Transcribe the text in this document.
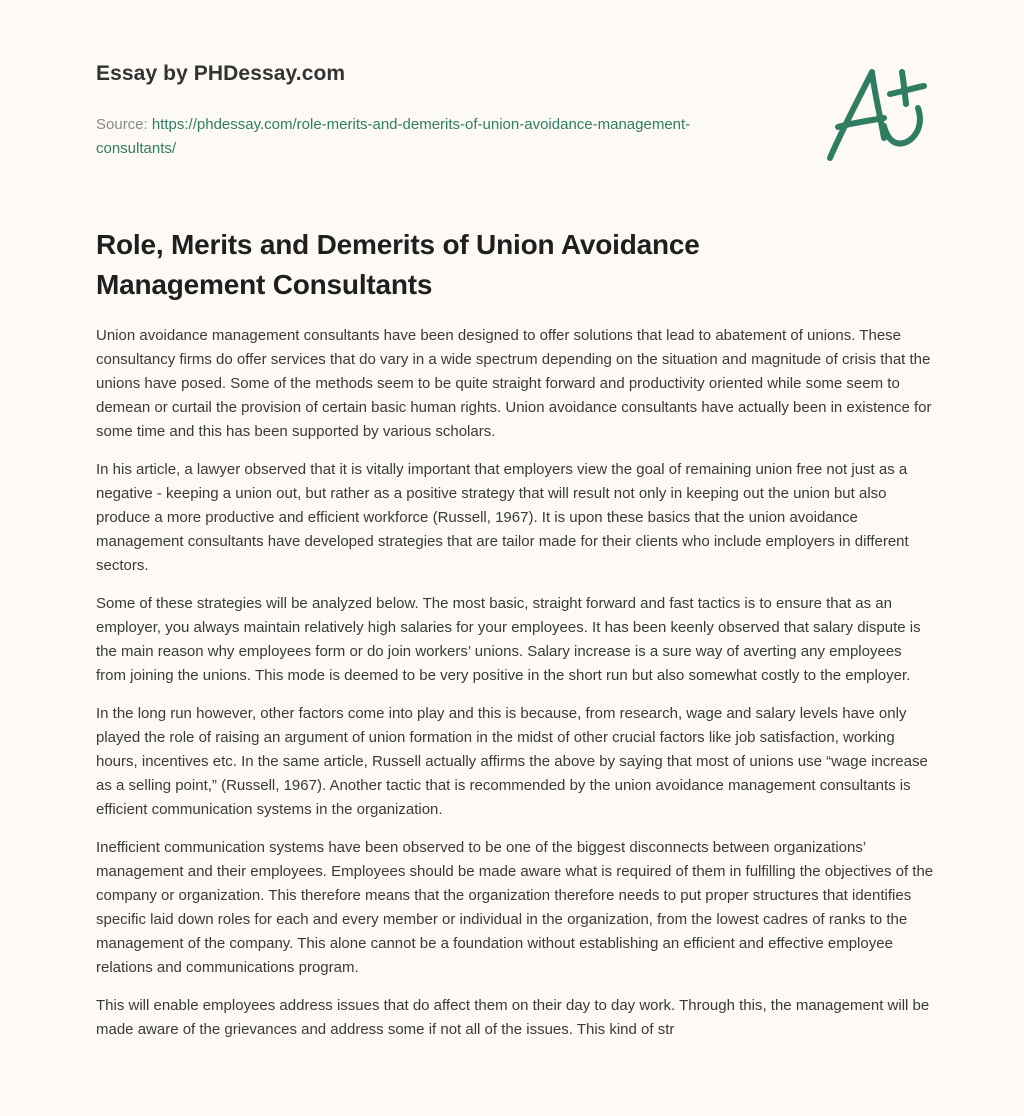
Essay by PHDessay.com
Source: https://phdessay.com/role-merits-and-demerits-of-union-avoidance-management-consultants/
Role, Merits and Demerits of Union Avoidance Management Consultants

Union avoidance management consultants have been designed to offer solutions that lead to abatement of unions. These consultancy firms do offer services that do vary in a wide spectrum depending on the situation and magnitude of crisis that the unions have posed. Some of the methods seem to be quite straight forward and productivity oriented while some seem to demean or curtail the provision of certain basic human rights. Union avoidance consultants have actually been in existence for some time and this has been supported by various scholars.

In his article, a lawyer observed that it is vitally important that employers view the goal of remaining union free not just as a negative - keeping a union out, but rather as a positive strategy that will result not only in keeping out the union but also produce a more productive and efficient workforce (Russell, 1967). It is upon these basics that the union avoidance management consultants have developed strategies that are tailor made for their clients who include employers in different sectors.

Some of these strategies will be analyzed below. The most basic, straight forward and fast tactics is to ensure that as an employer, you always maintain relatively high salaries for your employees. It has been keenly observed that salary dispute is the main reason why employees form or do join workers’ unions. Salary increase is a sure way of averting any employees from joining the unions. This mode is deemed to be very positive in the short run but also somewhat costly to the employer.

In the long run however, other factors come into play and this is because, from research, wage and salary levels have only played the role of raising an argument of union formation in the midst of other crucial factors like job satisfaction, working hours, incentives etc. In the same article, Russell actually affirms the above by saying that most of unions use “wage increase as a selling point,” (Russell, 1967). Another tactic that is recommended by the union avoidance management consultants is efficient communication systems in the organization.

Inefficient communication systems have been observed to be one of the biggest disconnects between organizations’ management and their employees. Employees should be made aware what is required of them in fulfilling the objectives of the company or organization. This therefore means that the organization therefore needs to put proper structures that identifies specific laid down roles for each and every member or individual in the organization, from the lowest cadres of ranks to the management of the company. This alone cannot be a foundation without establishing an efficient and effective employee relations and communications program.

This will enable employees address issues that do affect them on their day to day work. Through this, the management will be made aware of the grievances and address some if not all of the issues. This kind of str
